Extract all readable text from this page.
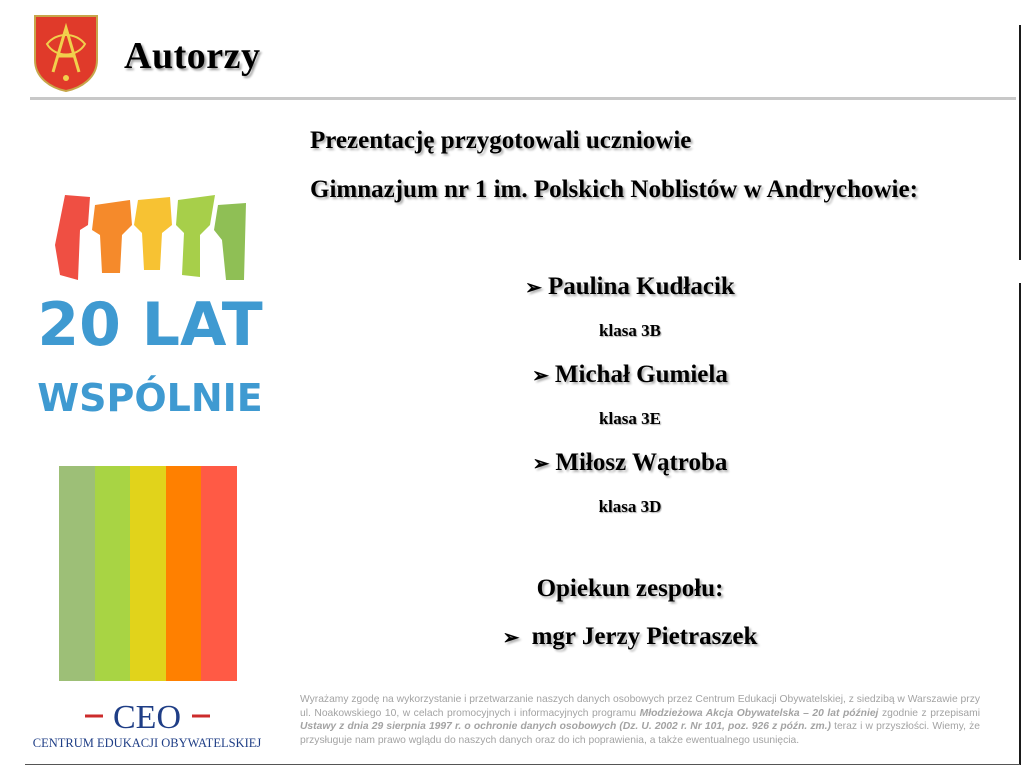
Autorzy
20 LAT
WSPÓLNIE
CEO
CENTRUM EDUKACJI OBYWATELSKIEJ
Prezentację przygotowali uczniowie
Gimnazjum nr 1 im. Polskich Noblistów w Andrychowie:
➢ Paulina Kudłacik
klasa 3B
➢ Michał Gumiela
klasa 3E
➢ Miłosz Wątroba
klasa 3D
Opiekun zespołu:
➢ mgr Jerzy Pietraszek
Wyrażamy zgodę na wykorzystanie i przetwarzanie naszych danych osobowych przez Centrum Edukacji Obywatelskiej, z siedzibą w Warszawie przy ul. Noakowskiego 10, w celach promocyjnych i informacyjnych programu Młodzieżowa Akcja Obywatelska – 20 lat później zgodnie z przepisami Ustawy z dnia 29 sierpnia 1997 r. o ochronie danych osobowych (Dz. U. 2002 r. Nr 101, poz. 926 z późn. zm.) teraz i w przyszłości. Wiemy, że przysługuje nam prawo wglądu do naszych danych oraz do ich poprawienia, a także ewentualnego usunięcia.
